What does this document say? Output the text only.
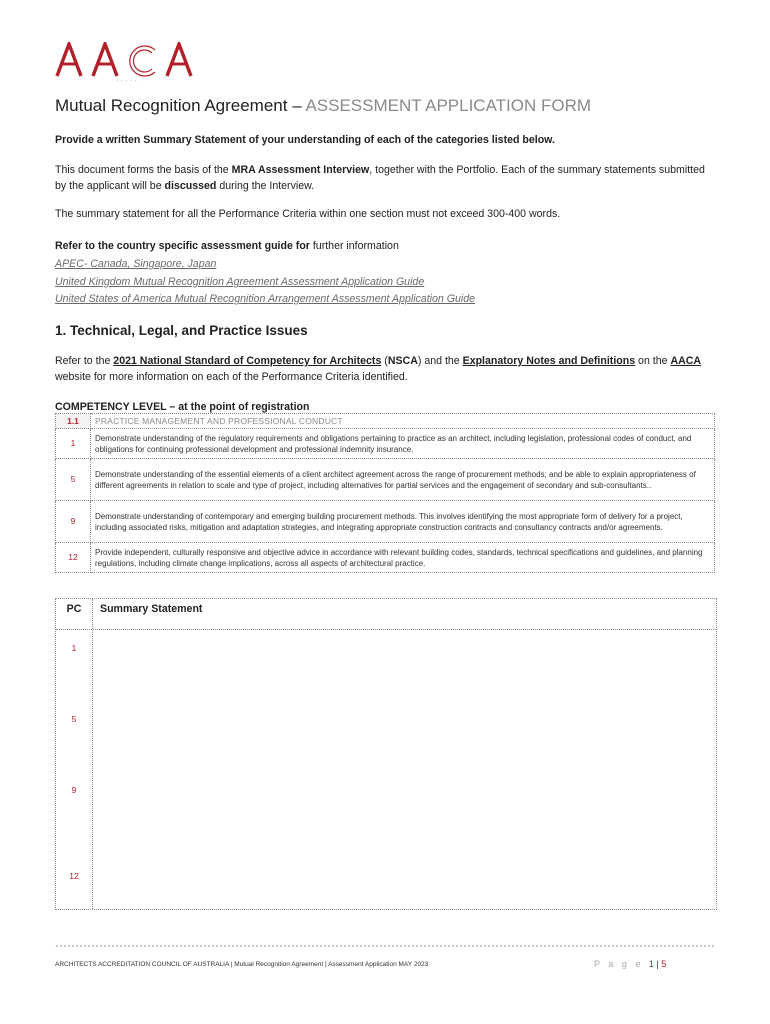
·····
Mutual Recognition Agreement – ASSESSMENT APPLICATION FORM
Provide a written Summary Statement of your understanding of each of the categories listed below.
This document forms the basis of the MRA Assessment Interview, together with the Portfolio. Each of the summary statements submitted by the applicant will be discussed during the Interview.
The summary statement for all the Performance Criteria within one section must not exceed 300-400 words.
Refer to the country specific assessment guide for further information
APEC- Canada, Singapore, Japan
United Kingdom Mutual Recognition Agreement Assessment Application Guide
United States of America Mutual Recognition Arrangement Assessment Application Guide
1. Technical, Legal, and Practice Issues
Refer to the 2021 National Standard of Competency for Architects (NSCA) and the Explanatory Notes and Definitions on the AACA website for more information on each of the Performance Criteria identified.
COMPETENCY LEVEL – at the point of registration
1.1	PRACTICE MANAGEMENT AND PROFESSIONAL CONDUCT
1	Demonstrate understanding of the regulatory requirements and obligations pertaining to practice as an architect, including legislation, professional codes of conduct, and obligations for continuing professional development and professional indemnity insurance.
5	Demonstrate understanding of the essential elements of a client architect agreement across the range of procurement methods; and be able to explain appropriateness of different agreements in relation to scale and type of project, including alternatives for partial services and the engagement of secondary and sub-consultants..
9	Demonstrate understanding of contemporary and emerging building procurement methods. This involves identifying the most appropriate form of delivery for a project, including associated risks, mitigation and adaptation strategies, and integrating appropriate construction contracts and consultancy contracts and/or agreements.
12	Provide independent, culturally responsive and objective advice in accordance with relevant building codes, standards, technical specifications and guidelines, and planning regulations, including climate change implications, across all aspects of architectural practice.
PC	Summary Statement
1
5
9
12
ARCHITECTS ACCREDITATION COUNCIL OF AUSTRALIA | Mutual Recognition Agreement | Assessment Application MAY 2023	P a g e 1 | 5
